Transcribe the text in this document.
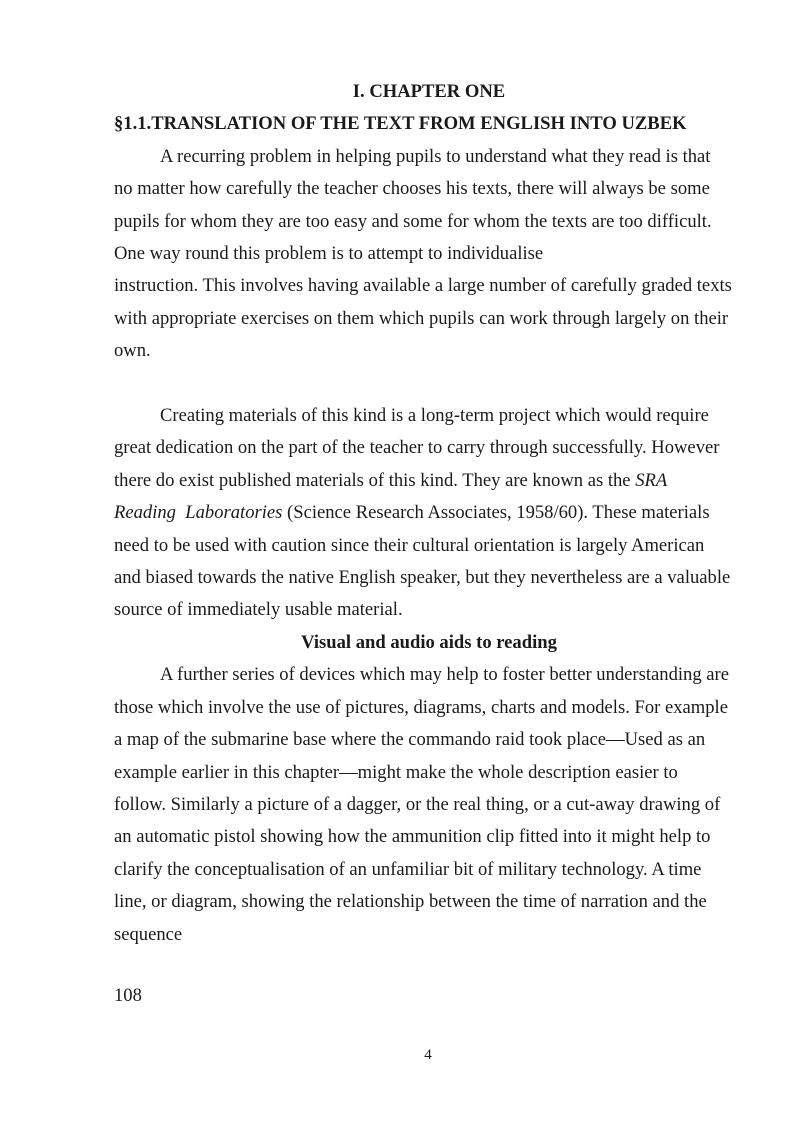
I. CHAPTER ONE

§1.1.TRANSLATION OF THE TEXT FROM ENGLISH INTO UZBEK

A recurring problem in helping pupils to understand what they read is that

no matter how carefully the teacher chooses his texts, there will always be some

pupils for whom they are too easy and some for whom the texts are too difficult.

One way round this problem is to attempt to individualise

instruction. This involves having available a large number of carefully graded texts

with appropriate exercises on them which pupils can work through largely on their

own.

Creating materials of this kind is a long-term project which would require

great dedication on the part of the teacher to carry through successfully. However

there do exist published materials of this kind. They are known as the SRA

Reading  Laboratories (Science Research Associates, 1958/60). These materials

need to be used with caution since their cultural orientation is largely American

and biased towards the native English speaker, but they nevertheless are a valuable

source of immediately usable material.

Visual and audio aids to reading

A further series of devices which may help to foster better understanding are

those which involve the use of pictures, diagrams, charts and models. For example

a map of the submarine base where the commando raid took place—Used as an

example earlier in this chapter—might make the whole description easier to

follow. Similarly a picture of a dagger, or the real thing, or a cut-away drawing of

an automatic pistol showing how the ammunition clip fitted into it might help to

clarify the conceptualisation of an unfamiliar bit of military technology. A time

line, or diagram, showing the relationship between the time of narration and the

sequence

108
4
